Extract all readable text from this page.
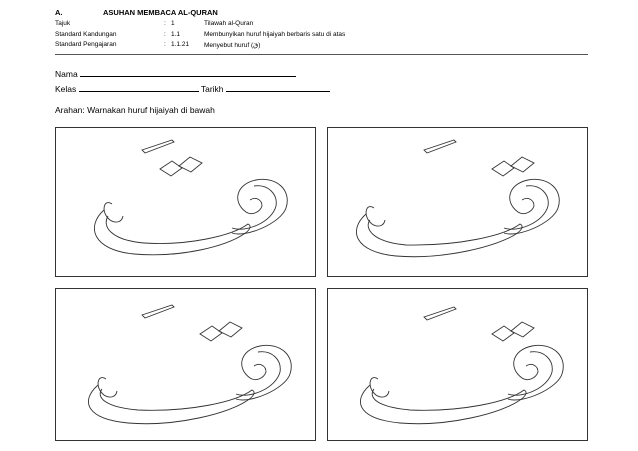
A.	ASUHAN MEMBACA AL-QURAN
Tajuk	: 1	Tilawah al-Quran
Standard Kandungan	: 1.1	Membunyikan huruf hijaiyah berbaris satu di atas
Standard Pengajaran	: 1.1.21 Menyebut huruf (قَ)
Nama
Kelas	Tarikh
Arahan: Warnakan huruf hijaiyah di bawah
